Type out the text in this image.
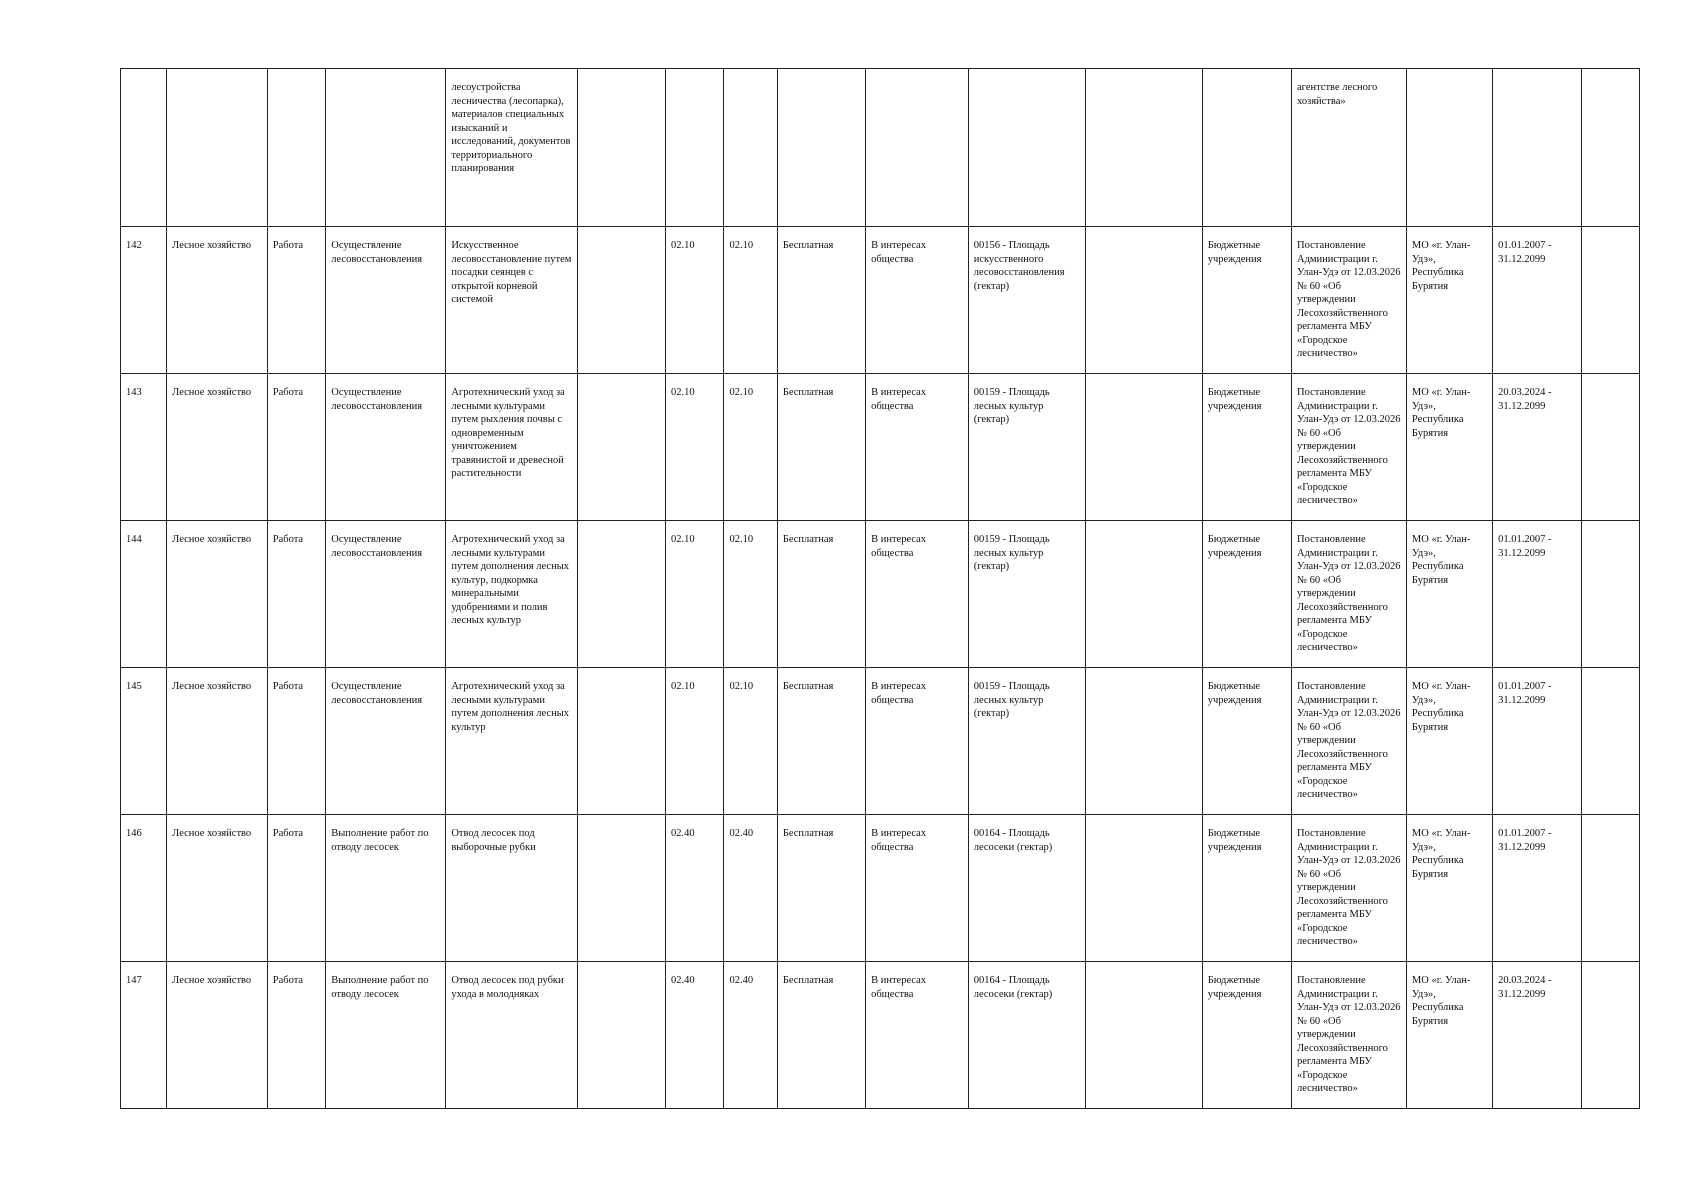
				лесоустройства лесничества (лесопарка), материалов специальных изысканий и исследований, документов территориального планирования									агентстве лесного хозяйства»			
142	Лесное хозяйство	Работа	Осуществление лесовосстановления	Искусственное лесовосстановление путем посадки сеянцев с открытой корневой системой		02.10	02.10	Бесплатная	В интересах общества	00156 - Площадь искусственного лесовосстановления (гектар)		Бюджетные учреждения	Постановление Администрации г. Улан-Удэ от 12.03.2026 № 60 «Об утверждении Лесохозяйственного регламента МБУ «Городское лесничество»	МО «г. Улан-Удэ», Республика Бурятия	01.01.2007 - 31.12.2099	
143	Лесное хозяйство	Работа	Осуществление лесовосстановления	Агротехнический уход за лесными культурами путем рыхления почвы с одновременным уничтожением травянистой и древесной растительности		02.10	02.10	Бесплатная	В интересах общества	00159 - Площадь лесных культур (гектар)		Бюджетные учреждения	Постановление Администрации г. Улан-Удэ от 12.03.2026 № 60 «Об утверждении Лесохозяйственного регламента МБУ «Городское лесничество»	МО «г. Улан-Удэ», Республика Бурятия	20.03.2024 - 31.12.2099	
144	Лесное хозяйство	Работа	Осуществление лесовосстановления	Агротехнический уход за лесными культурами путем дополнения лесных культур, подкормка минеральными удобрениями и полив лесных культур		02.10	02.10	Бесплатная	В интересах общества	00159 - Площадь лесных культур (гектар)		Бюджетные учреждения	Постановление Администрации г. Улан-Удэ от 12.03.2026 № 60 «Об утверждении Лесохозяйственного регламента МБУ «Городское лесничество»	МО «г. Улан-Удэ», Республика Бурятия	01.01.2007 - 31.12.2099	
145	Лесное хозяйство	Работа	Осуществление лесовосстановления	Агротехнический уход за лесными культурами путем дополнения лесных культур		02.10	02.10	Бесплатная	В интересах общества	00159 - Площадь лесных культур (гектар)		Бюджетные учреждения	Постановление Администрации г. Улан-Удэ от 12.03.2026 № 60 «Об утверждении Лесохозяйственного регламента МБУ «Городское лесничество»	МО «г. Улан-Удэ», Республика Бурятия	01.01.2007 - 31.12.2099	
146	Лесное хозяйство	Работа	Выполнение работ по отводу лесосек	Отвод лесосек под выборочные рубки		02.40	02.40	Бесплатная	В интересах общества	00164 - Площадь лесосеки (гектар)		Бюджетные учреждения	Постановление Администрации г. Улан-Удэ от 12.03.2026 № 60 «Об утверждении Лесохозяйственного регламента МБУ «Городское лесничество»	МО «г. Улан-Удэ», Республика Бурятия	01.01.2007 - 31.12.2099	
147	Лесное хозяйство	Работа	Выполнение работ по отводу лесосек	Отвод лесосек под рубки ухода в молодняках		02.40	02.40	Бесплатная	В интересах общества	00164 - Площадь лесосеки (гектар)		Бюджетные учреждения	Постановление Администрации г. Улан-Удэ от 12.03.2026 № 60 «Об утверждении Лесохозяйственного регламента МБУ «Городское лесничество»	МО «г. Улан-Удэ», Республика Бурятия	20.03.2024 - 31.12.2099	
